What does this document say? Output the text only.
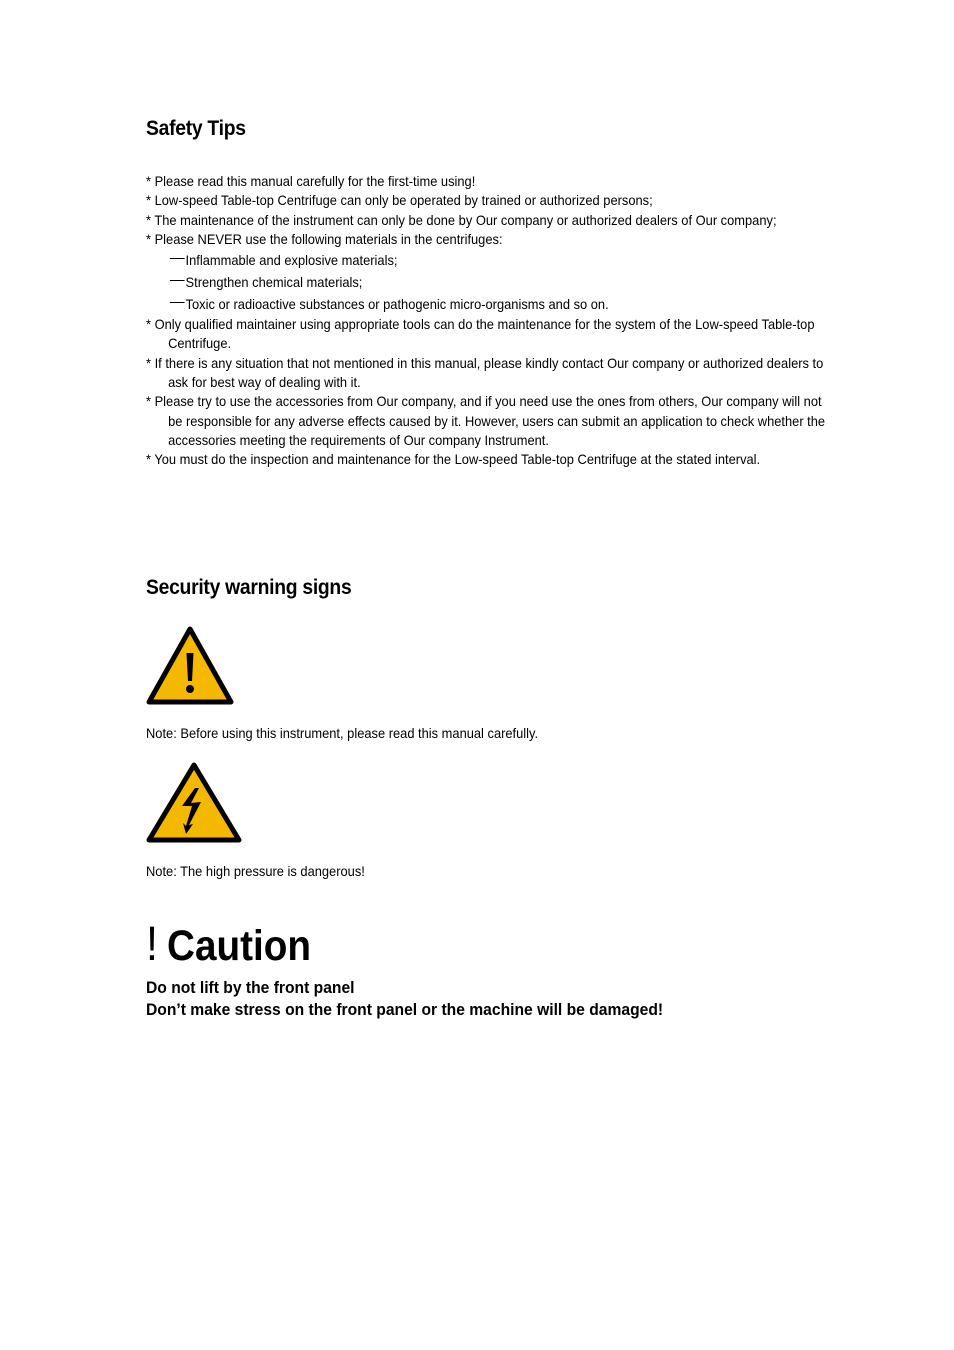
Safety Tips

* Please read this manual carefully for the first-time using!

* Low-speed Table-top Centrifuge can only be operated by trained or authorized persons;

* The maintenance of the instrument can only be done by Our company or authorized dealers of Our company;

* Please NEVER use the following materials in the centrifuges:

Inflammable and explosive materials;

Strengthen chemical materials;

Toxic or radioactive substances or pathogenic micro-organisms and so on.

* Only qualified maintainer using appropriate tools can do the maintenance for the system of the Low-speed Table-top Centrifuge.

* If there is any situation that not mentioned in this manual, please kindly contact Our company or authorized dealers to ask for best way of dealing with it.

* Please try to use the accessories from Our company, and if you need use the ones from others, Our company will not be responsible for any adverse effects caused by it. However, users can submit an application to check whether the accessories meeting the requirements of Our company Instrument.

* You must do the inspection and maintenance for the Low-speed Table-top Centrifuge at the stated interval.

Security warning signs
Note: Before using this instrument, please read this manual carefully.
Note: The high pressure is dangerous!
! Caution
Do not lift by the front panel
Don’t make stress on the front panel or the machine will be damaged!
